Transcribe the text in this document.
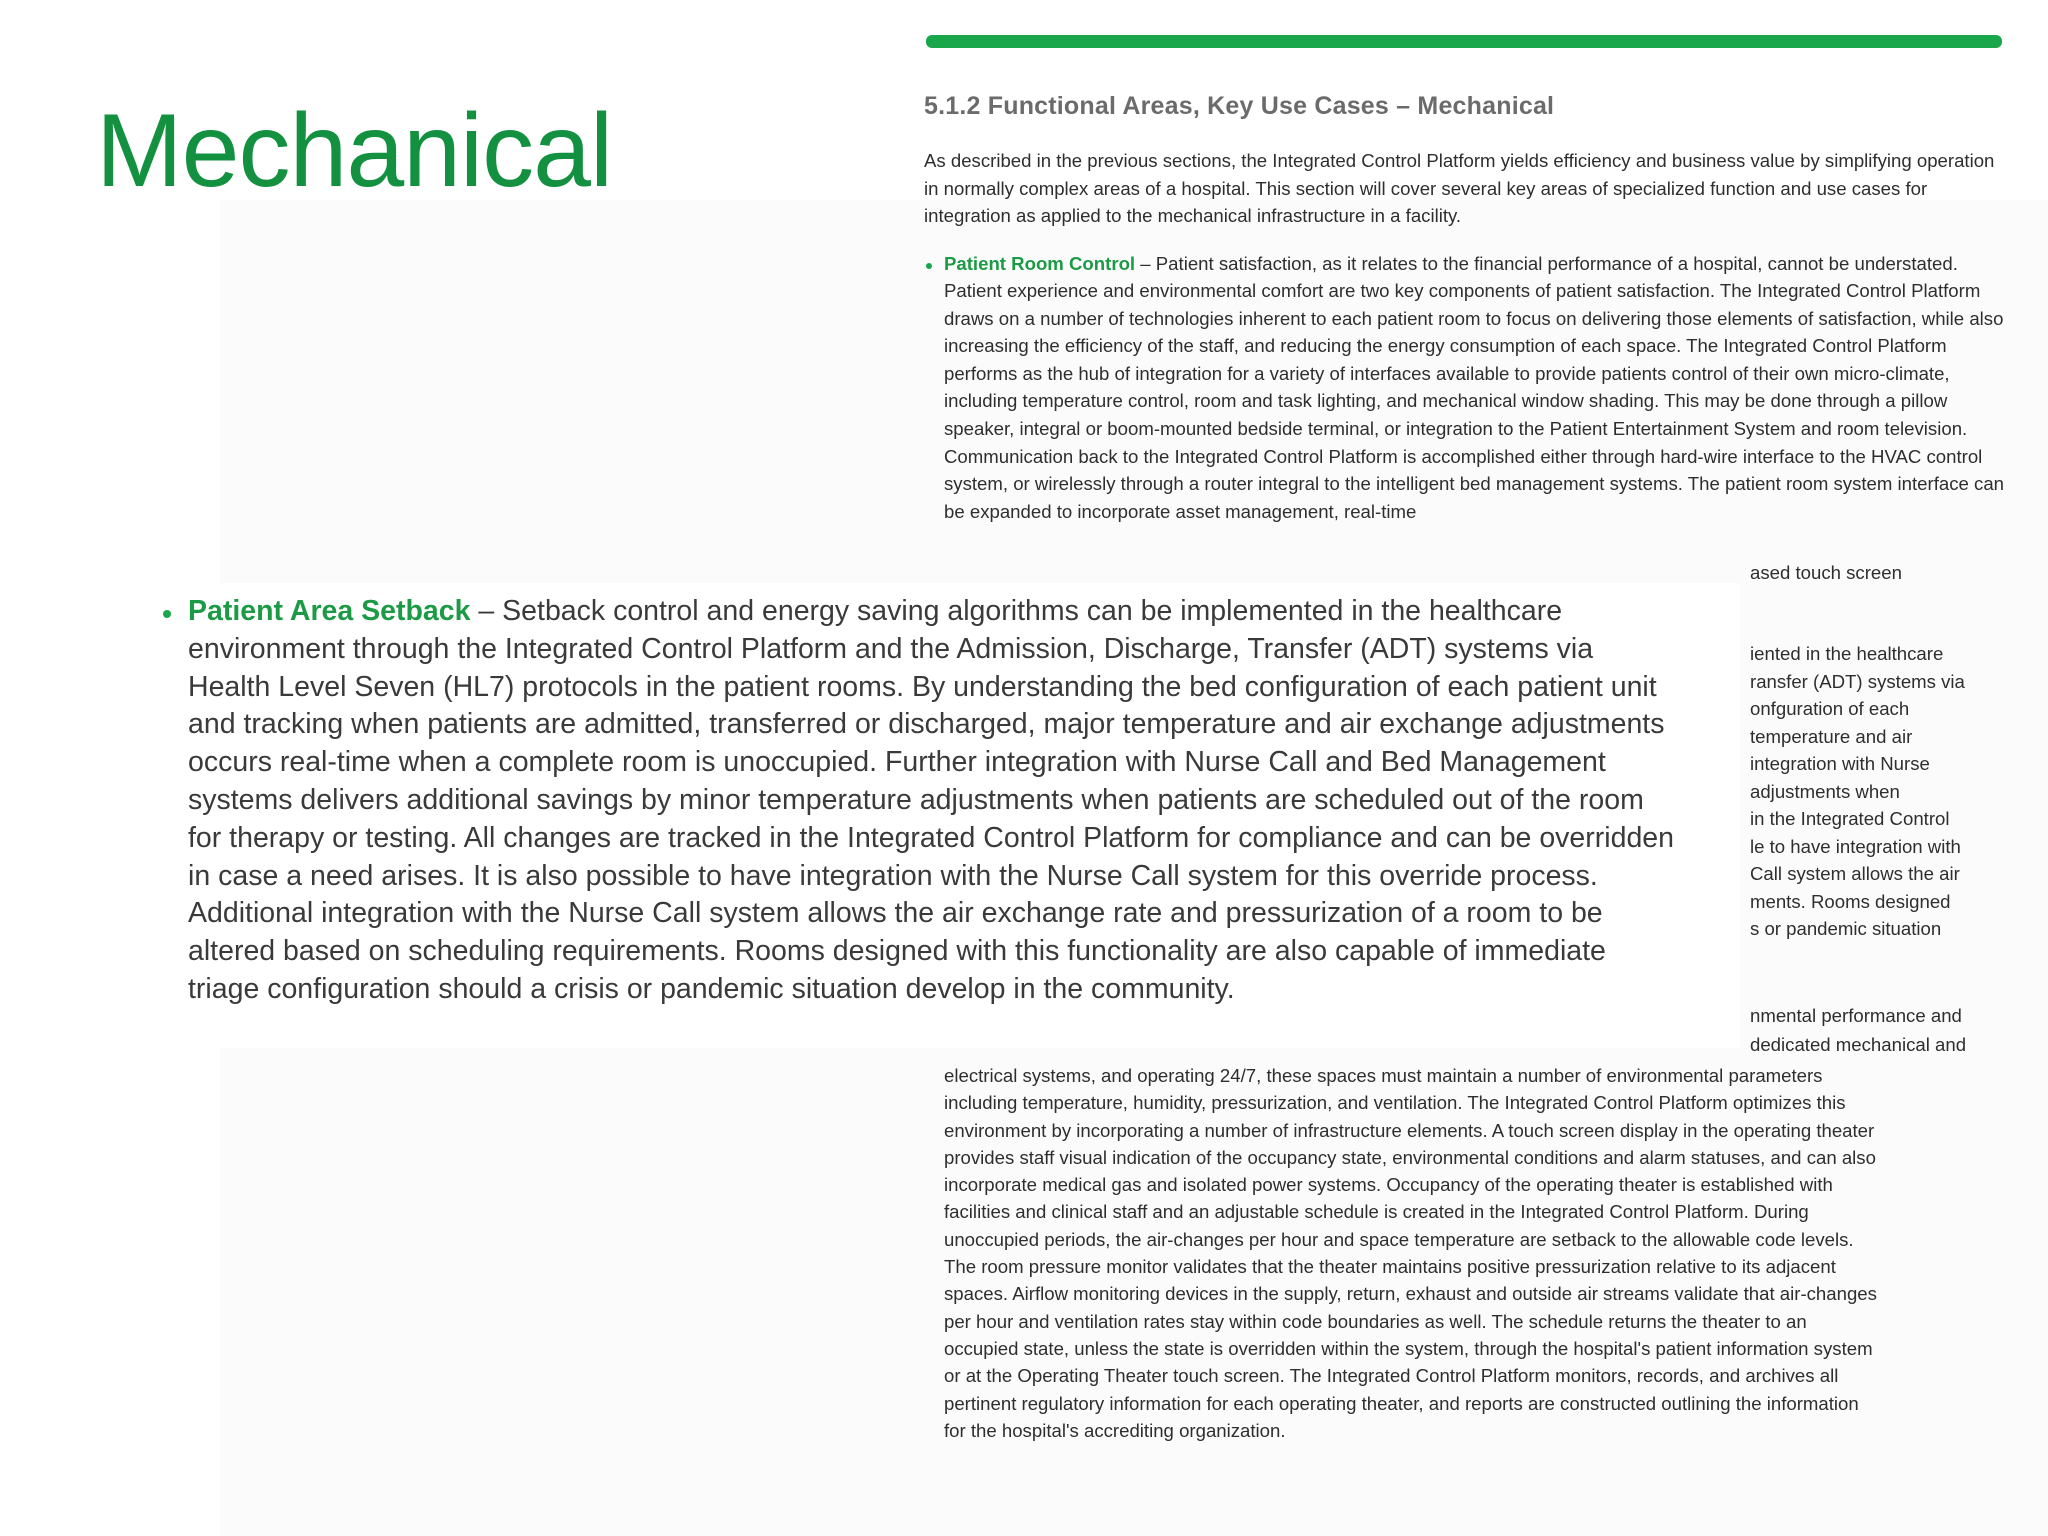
Mechanical	5.1.2 Functional Areas, Key Use Cases – Mechanical

As described in the previous sections, the Integrated Control Platform yields efficiency and business value by simplifying operation in normally complex areas of a hospital. This section will cover several key areas of specialized function and use cases for integration as applied to the mechanical infrastructure in a facility.

Patient Room Control – Patient satisfaction, as it relates to the financial performance of a hospital, cannot be understated. Patient experience and environmental comfort are two key components of patient satisfaction. The Integrated Control Platform draws on a number of technologies inherent to each patient room to focus on delivering those elements of satisfaction, while also increasing the efficiency of the staff, and reducing the energy consumption of each space. The Integrated Control Platform performs as the hub of integration for a variety of interfaces available to provide patients control of their own micro-climate, including temperature control, room and task lighting, and mechanical window shading. This may be done through a pillow speaker, integral or boom-mounted bedside terminal, or integration to the Patient Entertainment System and room television. Communication back to the Integrated Control Platform is accomplished either through hard-wire interface to the HVAC control system, or wirelessly through a router integral to the intelligent bed management systems. The patient room system interface can be expanded to incorporate asset management, real-time
ased touch screen
iented in the healthcare
ransfer (ADT) systems via
onfguration of each
temperature and air
integration with Nurse
adjustments when
in the Integrated Control
le to have integration with
Call system allows the air
ments. Rooms designed
s or pandemic situation
nmental performance and
dedicated mechanical and
electrical systems, and operating 24/7, these spaces must maintain a number of environmental parameters
including temperature, humidity, pressurization, and ventilation. The Integrated Control Platform optimizes this
environment by incorporating a number of infrastructure elements. A touch screen display in the operating theater
provides staff visual indication of the occupancy state, environmental conditions and alarm statuses, and can also
incorporate medical gas and isolated power systems. Occupancy of the operating theater is established with
facilities and clinical staff and an adjustable schedule is created in the Integrated Control Platform. During
unoccupied periods, the air-changes per hour and space temperature are setback to the allowable code levels.
The room pressure monitor validates that the theater maintains positive pressurization relative to its adjacent
spaces. Airflow monitoring devices in the supply, return, exhaust and outside air streams validate that air-changes
per hour and ventilation rates stay within code boundaries as well. The schedule returns the theater to an
occupied state, unless the state is overridden within the system, through the hospital's patient information system
or at the Operating Theater touch screen. The Integrated Control Platform monitors, records, and archives all
pertinent regulatory information for each operating theater, and reports are constructed outlining the information
for the hospital's accrediting organization.
Patient Area Setback – Setback control and energy saving algorithms can be implemented in the healthcare environment through the Integrated Control Platform and the Admission, Discharge, Transfer (ADT) systems via Health Level Seven (HL7) protocols in the patient rooms. By understanding the bed configuration of each patient unit and tracking when patients are admitted, transferred or discharged, major temperature and air exchange adjustments occurs real-time when a complete room is unoccupied. Further integration with Nurse Call and Bed Management systems delivers additional savings by minor temperature adjustments when patients are scheduled out of the room for therapy or testing. All changes are tracked in the Integrated Control Platform for compliance and can be overridden in case a need arises. It is also possible to have integration with the Nurse Call system for this override process. Additional integration with the Nurse Call system allows the air exchange rate and pressurization of a room to be altered based on scheduling requirements. Rooms designed with this functionality are also capable of immediate triage configuration should a crisis or pandemic situation develop in the community.
